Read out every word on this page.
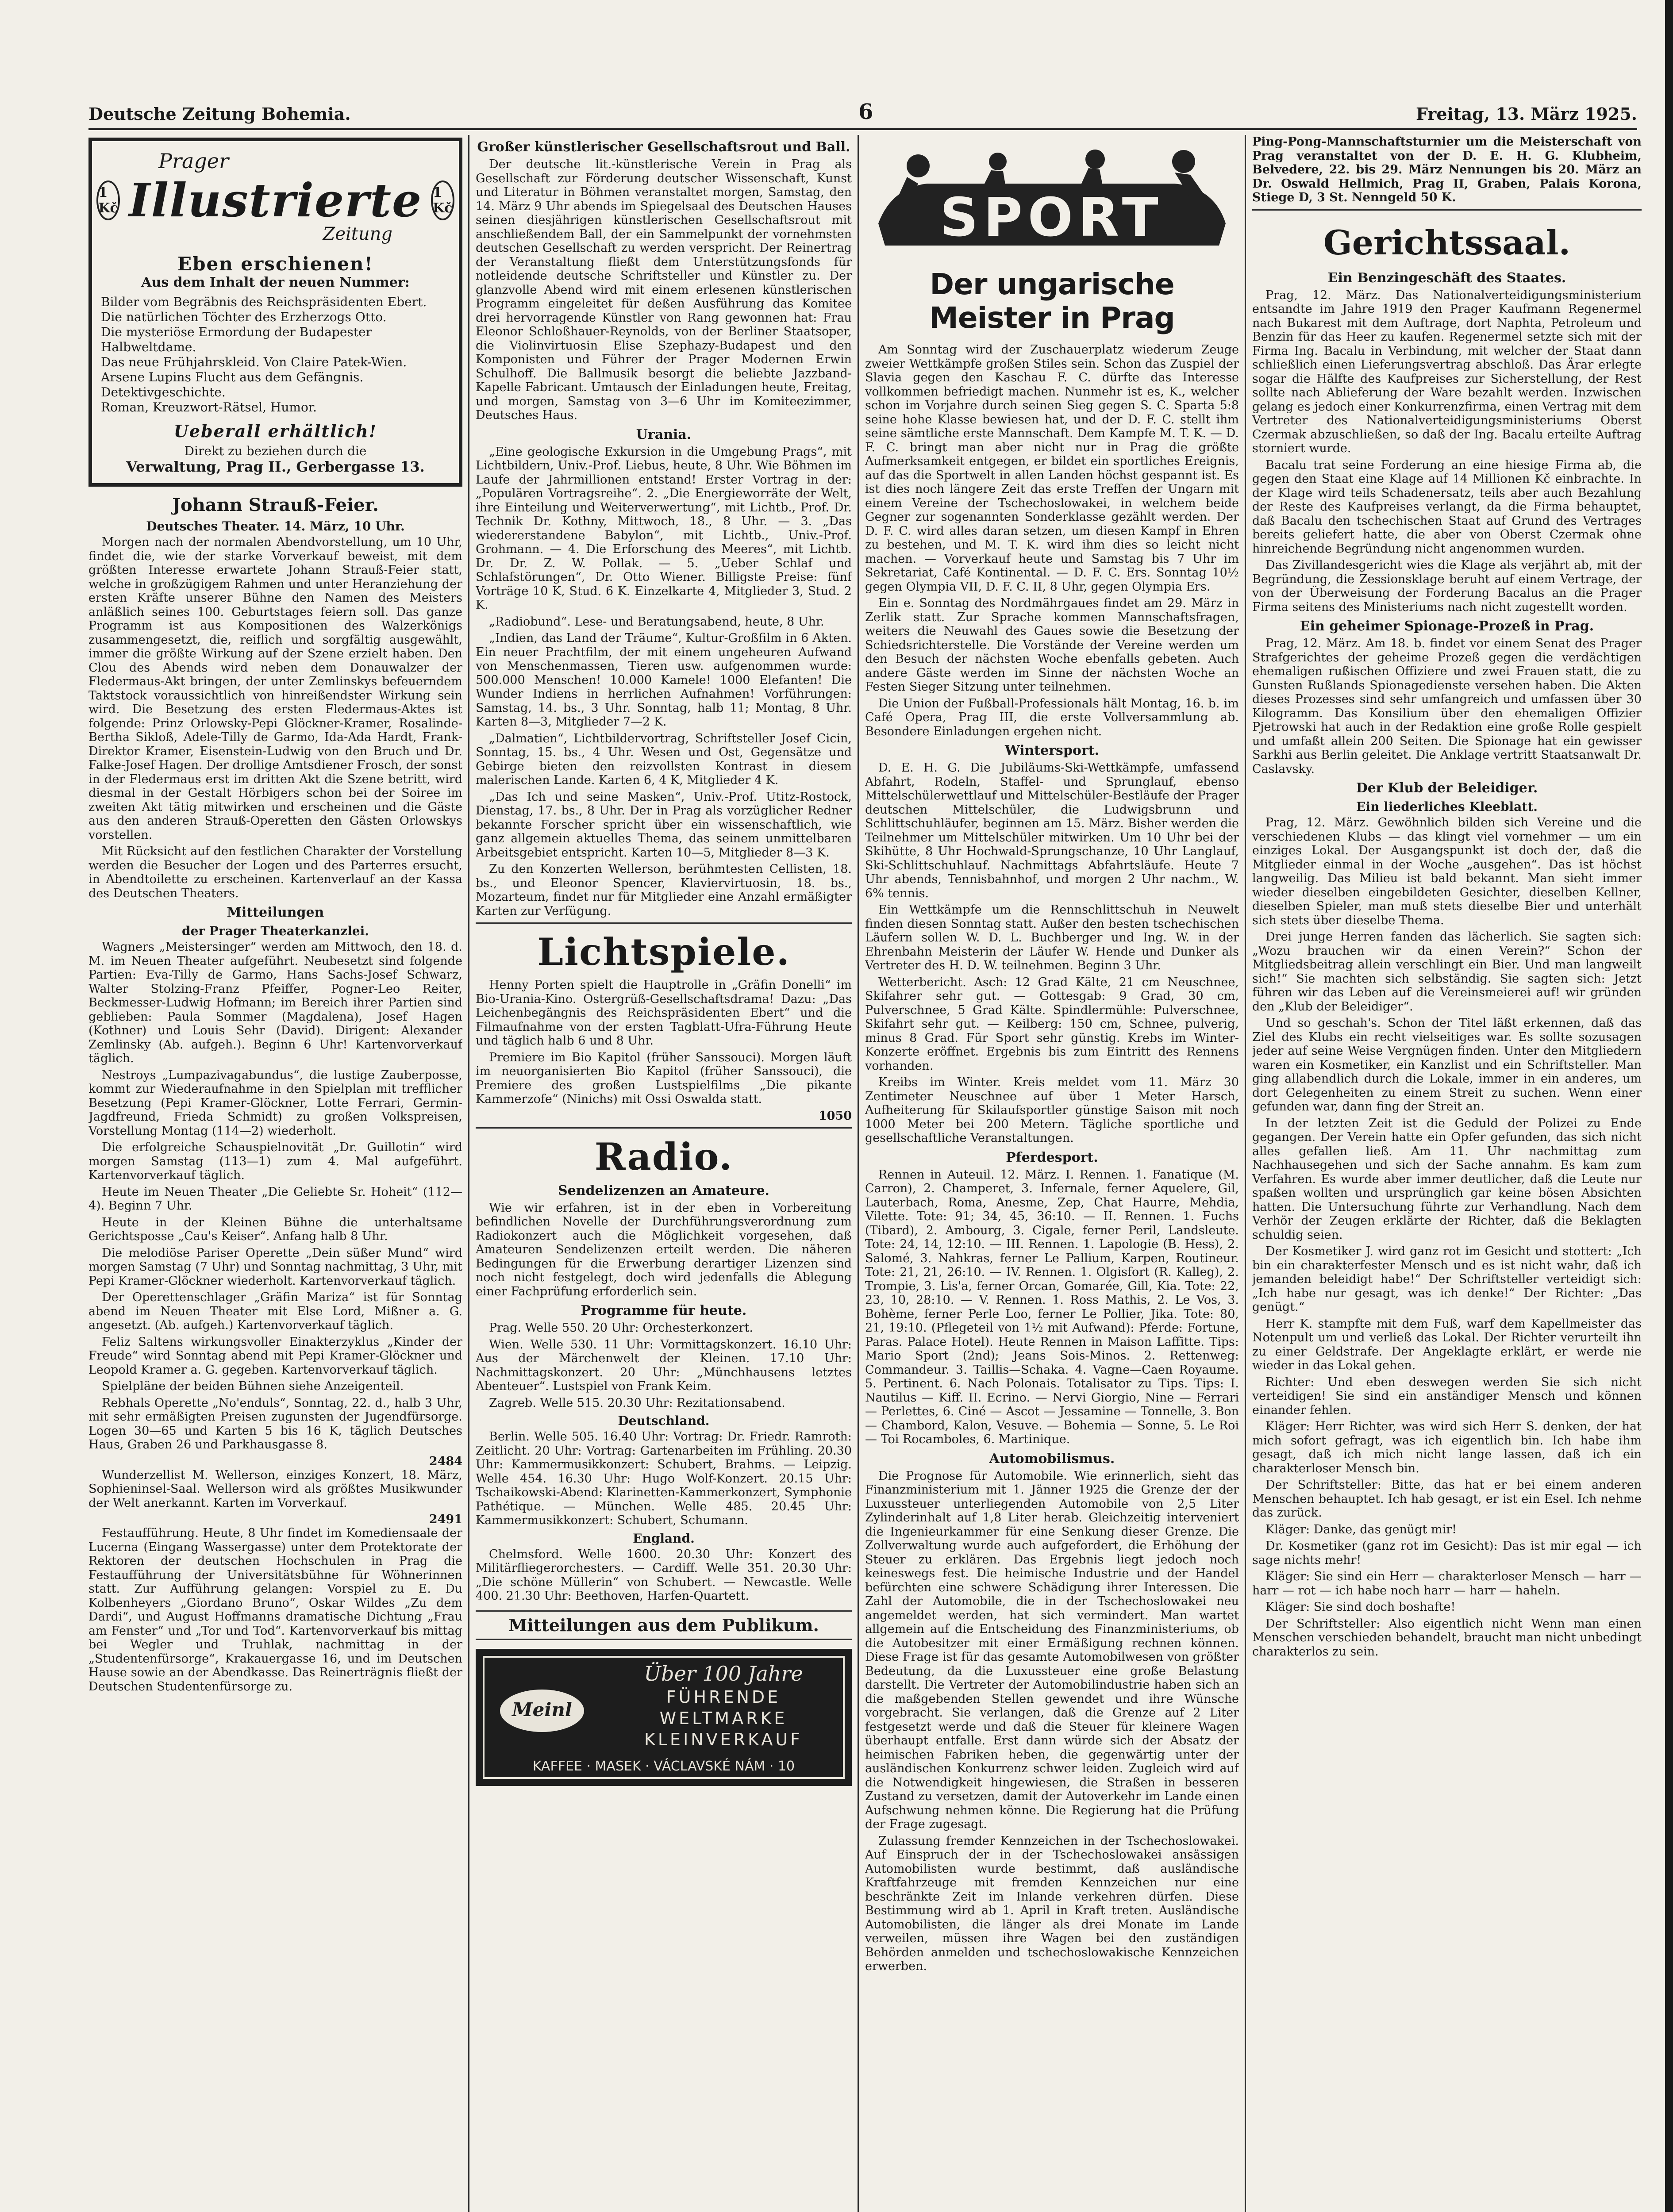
Deutsche Zeitung Bohemia.	6	Freitag, 13. März 1925.
Prager
1 Kč Illustrierte 1 Kč
Zeitung
Eben erschienen!
Aus dem Inhalt der neuen Nummer:
Bilder vom Begräbnis des Reichspräsidenten Ebert.
Die natürlichen Töchter des Erzherzogs Otto.
Die mysteriöse Ermordung der Budapester Halbweltdame.
Das neue Frühjahrskleid. Von Claire Patek-Wien.
Arsene Lupins Flucht aus dem Gefängnis. Detektivgeschichte.
Roman, Kreuzwort-Rätsel, Humor.
Ueberall erhältlich!
Direkt zu beziehen durch die
Verwaltung, Prag II., Gerbergasse 13.
Johann Strauß-Feier.
Deutsches Theater. 14. März, 10 Uhr.

Morgen nach der normalen Abendvorstellung, um 10 Uhr, findet die, wie der starke Vorverkauf beweist, mit dem größten Interesse erwartete Johann Strauß-Feier statt, welche in großzügigem Rahmen und unter Heranziehung der ersten Kräfte unserer Bühne den Namen des Meisters anläßlich seines 100. Geburtstages feiern soll. Das ganze Programm ist aus Kompositionen des Walzerkönigs zusammengesetzt, die, reiflich und sorgfältig ausgewählt, immer die größte Wirkung auf der Szene erzielt haben. Den Clou des Abends wird neben dem Donauwalzer der Fledermaus-Akt bringen, der unter Zemlinskys befeuerndem Taktstock voraussichtlich von hinreißendster Wirkung sein wird. Die Besetzung des ersten Fledermaus-Aktes ist folgende: Prinz Orlowsky-Pepi Glöckner-Kramer, Rosalinde-Bertha Sikloß, Adele-Tilly de Garmo, Ida-Ada Hardt, Frank-Direktor Kramer, Eisenstein-Ludwig von den Bruch und Dr. Falke-Josef Hagen. Der drollige Amtsdiener Frosch, der sonst in der Fledermaus erst im dritten Akt die Szene betritt, wird diesmal in der Gestalt Hörbigers schon bei der Soiree im zweiten Akt tätig mitwirken und erscheinen und die Gäste aus den anderen Strauß-Operetten den Gästen Orlowskys vorstellen.

Mit Rücksicht auf den festlichen Charakter der Vorstellung werden die Besucher der Logen und des Parterres ersucht, in Abendtoilette zu erscheinen. Kartenverlauf an der Kassa des Deutschen Theaters.

Mitteilungen
der Prager Theaterkanzlei.

Wagners „Meistersinger“ werden am Mittwoch, den 18. d. M. im Neuen Theater aufgeführt. Neubesetzt sind folgende Partien: Eva-Tilly de Garmo, Hans Sachs-Josef Schwarz, Walter Stolzing-Franz Pfeiffer, Pogner-Leo Reiter, Beckmesser-Ludwig Hofmann; im Bereich ihrer Partien sind geblieben: Paula Sommer (Magdalena), Josef Hagen (Kothner) und Louis Sehr (David). Dirigent: Alexander Zemlinsky (Ab. aufgeh.). Beginn 6 Uhr! Kartenvorverkauf täglich.

Nestroys „Lumpazivagabundus“, die lustige Zauberposse, kommt zur Wiederaufnahme in den Spielplan mit trefflicher Besetzung (Pepi Kramer-Glöckner, Lotte Ferrari, Germin-Jagdfreund, Frieda Schmidt) zu großen Volkspreisen, Vorstellung Montag (114—2) wiederholt.

Die erfolgreiche Schauspielnovität „Dr. Guillotin“ wird morgen Samstag (113—1) zum 4. Mal aufgeführt. Kartenvorverkauf täglich.

Heute im Neuen Theater „Die Geliebte Sr. Hoheit“ (112—4). Beginn 7 Uhr.

Heute in der Kleinen Bühne die unterhaltsame Gerichtsposse „Cau's Keiser“. Anfang halb 8 Uhr.

Die melodiöse Pariser Operette „Dein süßer Mund“ wird morgen Samstag (7 Uhr) und Sonntag nachmittag, 3 Uhr, mit Pepi Kramer-Glöckner wiederholt. Kartenvorverkauf täglich.

Der Operettenschlager „Gräfin Mariza“ ist für Sonntag abend im Neuen Theater mit Else Lord, Mißner a. G. angesetzt. (Ab. aufgeh.) Kartenvorverkauf täglich.

Feliz Saltens wirkungsvoller Einakterzyklus „Kinder der Freude“ wird Sonntag abend mit Pepi Kramer-Glöckner und Leopold Kramer a. G. gegeben. Kartenvorverkauf täglich.

Spielpläne der beiden Bühnen siehe Anzeigenteil.

Rebhals Operette „No'enduls“, Sonntag, 22. d., halb 3 Uhr, mit sehr ermäßigten Preisen zugunsten der Jugendfürsorge. Logen 30—65 und Karten 5 bis 16 K, täglich Deutsches Haus, Graben 26 und Parkhausgasse 8.

2484

Wunderzellist M. Wellerson, einziges Konzert, 18. März, Sophieninsel-Saal. Wellerson wird als größtes Musikwunder der Welt anerkannt. Karten im Vorverkauf.

2491

Festaufführung. Heute, 8 Uhr findet im Komediensaale der Lucerna (Eingang Wassergasse) unter dem Protektorate der Rektoren der deutschen Hochschulen in Prag die Festaufführung der Universitätsbühne für Wöhnerinnen statt. Zur Aufführung gelangen: Vorspiel zu E. Du Kolbenheyers „Giordano Bruno“, Oskar Wildes „Zu dem Dardi“, und August Hoffmanns dramatische Dichtung „Frau am Fenster“ und „Tor und Tod“. Kartenvorverkauf bis mittag bei Wegler und Truhlak, nachmittag in der „Studentenfürsorge“, Krakauergasse 16, und im Deutschen Hause sowie an der Abendkasse. Das Reinerträgnis fließt der Deutschen Studentenfürsorge zu.

Großer künstlerischer Gesellschaftsrout und Ball.

Der deutsche lit.-künstlerische Verein in Prag als Gesellschaft zur Förderung deutscher Wissenschaft, Kunst und Literatur in Böhmen veranstaltet morgen, Samstag, den 14. März 9 Uhr abends im Spiegelsaal des Deutschen Hauses seinen diesjährigen künstlerischen Gesellschaftsrout mit anschließendem Ball, der ein Sammelpunkt der vornehmsten deutschen Gesellschaft zu werden verspricht. Der Reinertrag der Veranstaltung fließt dem Unterstützungsfonds für notleidende deutsche Schriftsteller und Künstler zu. Der glanzvolle Abend wird mit einem erlesenen künstlerischen Programm eingeleitet für deßen Ausführung das Komitee drei hervorragende Künstler von Rang gewonnen hat: Frau Eleonor Schloßhauer-Reynolds, von der Berliner Staatsoper, die Violinvirtuosin Elise Szephazy-Budapest und den Komponisten und Führer der Prager Modernen Erwin Schulhoff. Die Ballmusik besorgt die beliebte Jazzband-Kapelle Fabricant. Umtausch der Einladungen heute, Freitag, und morgen, Samstag von 3—6 Uhr im Komiteezimmer, Deutsches Haus.

Urania.

„Eine geologische Exkursion in die Umgebung Prags“, mit Lichtbildern, Univ.-Prof. Liebus, heute, 8 Uhr. Wie Böhmen im Laufe der Jahrmillionen entstand! Erster Vortrag in der: „Populären Vortragsreihe“. 2. „Die Energieworräte der Welt, ihre Einteilung und Weiterverwertung“, mit Lichtb., Prof. Dr. Technik Dr. Kothny, Mittwoch, 18., 8 Uhr. — 3. „Das wiedererstandene Babylon“, mit Lichtb., Univ.-Prof. Grohmann. — 4. Die Erforschung des Meeres“, mit Lichtb. Dr. Dr. Z. W. Pollak. — 5. „Ueber Schlaf und Schlafstörungen“, Dr. Otto Wiener. Billigste Preise: fünf Vorträge 10 K, Stud. 6 K. Einzelkarte 4, Mitglieder 3, Stud. 2 K.

„Radiobund“. Lese- und Beratungsabend, heute, 8 Uhr.

„Indien, das Land der Träume“, Kultur-Großfilm in 6 Akten. Ein neuer Prachtfilm, der mit einem ungeheuren Aufwand von Menschenmassen, Tieren usw. aufgenommen wurde: 500.000 Menschen! 10.000 Kamele! 1000 Elefanten! Die Wunder Indiens in herrlichen Aufnahmen! Vorführungen: Samstag, 14. bs., 3 Uhr. Sonntag, halb 11; Montag, 8 Uhr. Karten 8—3, Mitglieder 7—2 K.

„Dalmatien“, Lichtbildervortrag, Schriftsteller Josef Cicin, Sonntag, 15. bs., 4 Uhr. Wesen und Ost, Gegensätze und Gebirge bieten den reizvollsten Kontrast in diesem malerischen Lande. Karten 6, 4 K, Mitglieder 4 K.

„Das Ich und seine Masken“, Univ.-Prof. Utitz-Rostock, Dienstag, 17. bs., 8 Uhr. Der in Prag als vorzüglicher Redner bekannte Forscher spricht über ein wissenschaftlich, wie ganz allgemein aktuelles Thema, das seinem unmittelbaren Arbeitsgebiet entspricht. Karten 10—5, Mitglieder 8—3 K.

Zu den Konzerten Wellerson, berühmtesten Cellisten, 18. bs., und Eleonor Spencer, Klaviervirtuosin, 18. bs., Mozarteum, findet nur für Mitglieder eine Anzahl ermäßigter Karten zur Verfügung.

Lichtspiele.

Henny Porten spielt die Hauptrolle in „Gräfin Donelli“ im Bio-Urania-Kino. Ostergrüß-Gesellschaftsdrama! Dazu: „Das Leichenbegängnis des Reichspräsidenten Ebert“ und die Filmaufnahme von der ersten Tagblatt-Ufra-Führung Heute und täglich halb 6 und 8 Uhr.

Premiere im Bio Kapitol (früher Sanssouci). Morgen läuft im neuorganisierten Bio Kapitol (früher Sanssouci), die Premiere des großen Lustspielfilms „Die pikante Kammerzofe“ (Ninichs) mit Ossi Oswalda statt.

1050
Radio.
Sendelizenzen an Amateure.

Wie wir erfahren, ist in der eben in Vorbereitung befindlichen Novelle der Durchführungsverordnung zum Radiokonzert auch die Möglichkeit vorgesehen, daß Amateuren Sendelizenzen erteilt werden. Die näheren Bedingungen für die Erwerbung derartiger Lizenzen sind noch nicht festgelegt, doch wird jedenfalls die Ablegung einer Fachprüfung erforderlich sein.

Programme für heute.

Prag. Welle 550. 20 Uhr: Orchesterkonzert.

Wien. Welle 530. 11 Uhr: Vormittagskonzert. 16.10 Uhr: Aus der Märchenwelt der Kleinen. 17.10 Uhr: Nachmittagskonzert. 20 Uhr: „Münchhausens letztes Abenteuer“. Lustspiel von Frank Keim.

Zagreb. Welle 515. 20.30 Uhr: Rezitationsabend.

Deutschland.

Berlin. Welle 505. 16.40 Uhr: Vortrag: Dr. Friedr. Ramroth: Zeitlicht. 20 Uhr: Vortrag: Gartenarbeiten im Frühling. 20.30 Uhr: Kammermusikkonzert: Schubert, Brahms. — Leipzig. Welle 454. 16.30 Uhr: Hugo Wolf-Konzert. 20.15 Uhr: Tschaikowski-Abend: Klarinetten-Kammerkonzert, Symphonie Pathétique. — München. Welle 485. 20.45 Uhr: Kammermusikkonzert: Schubert, Schumann.

England.

Chelmsford. Welle 1600. 20.30 Uhr: Konzert des Militärfliegerorchesters. — Cardiff. Welle 351. 20.30 Uhr: „Die schöne Müllerin“ von Schubert. — Newcastle. Welle 400. 21.30 Uhr: Beethoven, Harfen-Quartett.

Mitteilungen aus dem Publikum.
Meinl
Über 100 Jahre
FÜHRENDE
WELTMARKE
KLEINVERKAUF
KAFFEE · MASEK · VÁCLAVSKÉ NÁM · 10
SPORT
Der ungarische Meister in Prag

Am Sonntag wird der Zuschauerplatz wiederum Zeuge zweier Wettkämpfe großen Stiles sein. Schon das Zuspiel der Slavia gegen den Kaschau F. C. dürfte das Interesse vollkommen befriedigt machen. Nunmehr ist es, K., welcher schon im Vorjahre durch seinen Sieg gegen S. C. Sparta 5:8 seine hohe Klasse bewiesen hat, und der D. F. C. stellt ihm seine sämtliche erste Mannschaft. Dem Kampfe M. T. K. — D. F. C. bringt man aber nicht nur in Prag die größte Aufmerksamkeit entgegen, er bildet ein sportliches Ereignis, auf das die Sportwelt in allen Landen höchst gespannt ist. Es ist dies noch längere Zeit das erste Treffen der Ungarn mit einem Vereine der Tschechoslowakei, in welchem beide Gegner zur sogenannten Sonderklasse gezählt werden. Der D. F. C. wird alles daran setzen, um diesen Kampf in Ehren zu bestehen, und M. T. K. wird ihm dies so leicht nicht machen. — Vorverkauf heute und Samstag bis 7 Uhr im Sekretariat, Café Kontinental. — D. F. C. Ers. Sonntag 10½ gegen Olympia VII, D. F. C. II, 8 Uhr, gegen Olympia Ers.

Ein e. Sonntag des Nordmährgaues findet am 29. März in Zerlik statt. Zur Sprache kommen Mannschaftsfragen, weiters die Neuwahl des Gaues sowie die Besetzung der Schiedsrichterstelle. Die Vorstände der Vereine werden um den Besuch der nächsten Woche ebenfalls gebeten. Auch andere Gäste werden im Sinne der nächsten Woche an Festen Sieger Sitzung unter teilnehmen.

Die Union der Fußball-Professionals hält Montag, 16. b. im Café Opera, Prag III, die erste Vollversammlung ab. Besondere Einladungen ergehen nicht.

Wintersport.

D. E. H. G. Die Jubiläums-Ski-Wettkämpfe, umfassend Abfahrt, Rodeln, Staffel- und Sprunglauf, ebenso Mittelschülerwettlauf und Mittelschüler-Bestläufe der Prager deutschen Mittelschüler, die Ludwigsbrunn und Schlittschuhläufer, beginnen am 15. März. Bisher werden die Teilnehmer um Mittelschüler mitwirken. Um 10 Uhr bei der Skihütte, 8 Uhr Hochwald-Sprungschanze, 10 Uhr Langlauf, Ski-Schlittschuhlauf. Nachmittags Abfahrtsläufe. Heute 7 Uhr abends, Tennisbahnhof, und morgen 2 Uhr nachm., W. 6% tennis.

Ein Wettkämpfe um die Rennschlittschuh in Neuwelt finden diesen Sonntag statt. Außer den besten tschechischen Läufern sollen W. D. L. Buchberger und Ing. W. in der Ehrenbahn Meisterin der Läufer W. Hende und Dunker als Vertreter des H. D. W. teilnehmen. Beginn 3 Uhr.

Wetterbericht. Asch: 12 Grad Kälte, 21 cm Neuschnee, Skifahrer sehr gut. — Gottesgab: 9 Grad, 30 cm, Pulverschnee, 5 Grad Kälte. Spindlermühle: Pulverschnee, Skifahrt sehr gut. — Keilberg: 150 cm, Schnee, pulverig, minus 8 Grad. Für Sport sehr günstig. Krebs im Winter-Konzerte eröffnet. Ergebnis bis zum Eintritt des Rennens vorhanden.

Kreibs im Winter. Kreis meldet vom 11. März 30 Zentimeter Neuschnee auf über 1 Meter Harsch, Aufheiterung für Skilaufsportler günstige Saison mit noch 1000 Meter bei 200 Metern. Tägliche sportliche und gesellschaftliche Veranstaltungen.

Pferdesport.

Rennen in Auteuil. 12. März. I. Rennen. 1. Fanatique (M. Carron), 2. Champeret, 3. Infernale, ferner Aquelere, Gil, Lauterbach, Roma, Anesme, Zep, Chat Haurre, Mehdia, Vilette. Tote: 91; 34, 45, 36:10. — II. Rennen. 1. Fuchs (Tibard), 2. Ambourg, 3. Cigale, ferner Peril, Landsleute. Tote: 24, 14, 12:10. — III. Rennen. 1. Lapologie (B. Hess), 2. Salomé, 3. Nahkras, ferner Le Pallium, Karpen, Routineur. Tote: 21, 21, 26:10. — IV. Rennen. 1. Olgisfort (R. Kalleg), 2. Trompie, 3. Lis'a, ferner Orcan, Gomarée, Gill, Kia. Tote: 22, 23, 10, 28:10. — V. Rennen. 1. Ross Mathis, 2. Le Vos, 3. Bohème, ferner Perle Loo, ferner Le Pollier, Jika. Tote: 80, 21, 19:10. (Pflegeteil von 1½ mit Aufwand): Pferde: Fortune, Paras. Palace Hotel). Heute Rennen in Maison Laffitte. Tips: Mario Sport (2nd); Jeans Sois-Minos. 2. Rettenweg: Commandeur. 3. Taillis—Schaka. 4. Vagne—Caen Royaume. 5. Pertinent. 6. Nach Polonais. Totalisator zu Tips. Tips: I. Nautilus — Kiff. II. Ecrino. — Nervi Giorgio, Nine — Ferrari — Perlettes, 6. Ciné — Ascot — Jessamine — Tonnelle, 3. Bon— Chambord, Kalon, Vesuve. — Bohemia — Sonne, 5. Le Roi — Toi Rocamboles, 6. Martinique.

Automobilismus.

Die Prognose für Automobile. Wie erinnerlich, sieht das Finanzministerium mit 1. Jänner 1925 die Grenze der der Luxussteuer unterliegenden Automobile von 2,5 Liter Zylinderinhalt auf 1,8 Liter herab. Gleichzeitig interveniert die Ingenieurkammer für eine Senkung dieser Grenze. Die Zollverwaltung wurde auch aufgefordert, die Erhöhung der Steuer zu erklären. Das Ergebnis liegt jedoch noch keineswegs fest. Die heimische Industrie und der Handel befürchten eine schwere Schädigung ihrer Interessen. Die Zahl der Automobile, die in der Tschechoslowakei neu angemeldet werden, hat sich vermindert. Man wartet allgemein auf die Entscheidung des Finanzministeriums, ob die Autobesitzer mit einer Ermäßigung rechnen können. Diese Frage ist für das gesamte Automobilwesen von größter Bedeutung, da die Luxussteuer eine große Belastung darstellt. Die Vertreter der Automobilindustrie haben sich an die maßgebenden Stellen gewendet und ihre Wünsche vorgebracht. Sie verlangen, daß die Grenze auf 2 Liter festgesetzt werde und daß die Steuer für kleinere Wagen überhaupt entfalle. Erst dann würde sich der Absatz der heimischen Fabriken heben, die gegenwärtig unter der ausländischen Konkurrenz schwer leiden. Zugleich wird auf die Notwendigkeit hingewiesen, die Straßen in besseren Zustand zu versetzen, damit der Autoverkehr im Lande einen Aufschwung nehmen könne. Die Regierung hat die Prüfung der Frage zugesagt.

Zulassung fremder Kennzeichen in der Tschechoslowakei. Auf Einspruch der in der Tschechoslowakei ansässigen Automobilisten wurde bestimmt, daß ausländische Kraftfahrzeuge mit fremden Kennzeichen nur eine beschränkte Zeit im Inlande verkehren dürfen. Diese Bestimmung wird ab 1. April in Kraft treten. Ausländische Automobilisten, die länger als drei Monate im Lande verweilen, müssen ihre Wagen bei den zuständigen Behörden anmelden und tschechoslowakische Kennzeichen erwerben.

Ping-Pong-Mannschaftsturnier um die Meisterschaft von Prag veranstaltet von der D. E. H. G. Klubheim, Belvedere, 22. bis 29. März Nennungen bis 20. März an Dr. Oswald Hellmich, Prag II, Graben, Palais Korona, Stiege D, 3 St. Nenngeld 50 K.

Gerichtssaal.
Ein Benzingeschäft des Staates.

Prag, 12. März. Das Nationalverteidigungsministerium entsandte im Jahre 1919 den Prager Kaufmann Regenermel nach Bukarest mit dem Auftrage, dort Naphta, Petroleum und Benzin für das Heer zu kaufen. Regenermel setzte sich mit der Firma Ing. Bacalu in Verbindung, mit welcher der Staat dann schließlich einen Lieferungsvertrag abschloß. Das Ärar erlegte sogar die Hälfte des Kaufpreises zur Sicherstellung, der Rest sollte nach Ablieferung der Ware bezahlt werden. Inzwischen gelang es jedoch einer Konkurrenzfirma, einen Vertrag mit dem Vertreter des Nationalverteidigungsministeriums Oberst Czermak abzuschließen, so daß der Ing. Bacalu erteilte Auftrag storniert wurde.

Bacalu trat seine Forderung an eine hiesige Firma ab, die gegen den Staat eine Klage auf 14 Millionen Kč einbrachte. In der Klage wird teils Schadenersatz, teils aber auch Bezahlung der Reste des Kaufpreises verlangt, da die Firma behauptet, daß Bacalu den tschechischen Staat auf Grund des Vertrages bereits geliefert hatte, die aber von Oberst Czermak ohne hinreichende Begründung nicht angenommen wurden.

Das Zivillandesgericht wies die Klage als verjährt ab, mit der Begründung, die Zessionsklage beruht auf einem Vertrage, der von der Überweisung der Forderung Bacalus an die Prager Firma seitens des Ministeriums nach nicht zugestellt worden.

Ein geheimer Spionage-Prozeß in Prag.

Prag, 12. März. Am 18. b. findet vor einem Senat des Prager Strafgerichtes der geheime Prozeß gegen die verdächtigen ehemaligen rußischen Offiziere und zwei Frauen statt, die zu Gunsten Rußlands Spionagedienste versehen haben. Die Akten dieses Prozesses sind sehr umfangreich und umfassen über 30 Kilogramm. Das Konsilium über den ehemaligen Offizier Pjetrowski hat auch in der Redaktion eine große Rolle gespielt und umfaßt allein 200 Seiten. Die Spionage hat ein gewisser Sarkhi aus Berlin geleitet. Die Anklage vertritt Staatsanwalt Dr. Caslavsky.

Der Klub der Beleidiger.
Ein liederliches Kleeblatt.

Prag, 12. März. Gewöhnlich bilden sich Vereine und die verschiedenen Klubs — das klingt viel vornehmer — um ein einziges Lokal. Der Ausgangspunkt ist doch der, daß die Mitglieder einmal in der Woche „ausgehen“. Das ist höchst langweilig. Das Milieu ist bald bekannt. Man sieht immer wieder dieselben eingebildeten Gesichter, dieselben Kellner, dieselben Spieler, man muß stets dieselbe Bier und unterhält sich stets über dieselbe Thema.

Drei junge Herren fanden das lächerlich. Sie sagten sich: „Wozu brauchen wir da einen Verein?“ Schon der Mitgliedsbeitrag allein verschlingt ein Bier. Und man langweilt sich!“ Sie machten sich selbständig. Sie sagten sich: Jetzt führen wir das Leben auf die Vereinsmeierei auf! wir gründen den „Klub der Beleidiger“.

Und so geschah's. Schon der Titel läßt erkennen, daß das Ziel des Klubs ein recht vielseitiges war. Es sollte sozusagen jeder auf seine Weise Vergnügen finden. Unter den Mitgliedern waren ein Kosmetiker, ein Kanzlist und ein Schriftsteller. Man ging allabendlich durch die Lokale, immer in ein anderes, um dort Gelegenheiten zu einem Streit zu suchen. Wenn einer gefunden war, dann fing der Streit an.

In der letzten Zeit ist die Geduld der Polizei zu Ende gegangen. Der Verein hatte ein Opfer gefunden, das sich nicht alles gefallen ließ. Am 11. Uhr nachmittag zum Nachhausegehen und sich der Sache annahm. Es kam zum Verfahren. Es wurde aber immer deutlicher, daß die Leute nur spaßen wollten und ursprünglich gar keine bösen Absichten hatten. Die Untersuchung führte zur Verhandlung. Nach dem Verhör der Zeugen erklärte der Richter, daß die Beklagten schuldig seien.

Der Kosmetiker J. wird ganz rot im Gesicht und stottert: „Ich bin ein charakterfester Mensch und es ist nicht wahr, daß ich jemanden beleidigt habe!“ Der Schriftsteller verteidigt sich: „Ich habe nur gesagt, was ich denke!“ Der Richter: „Das genügt.“

Herr K. stampfte mit dem Fuß, warf dem Kapellmeister das Notenpult um und verließ das Lokal. Der Richter verurteilt ihn zu einer Geldstrafe. Der Angeklagte erklärt, er werde nie wieder in das Lokal gehen.

Richter: Und eben deswegen werden Sie sich nicht verteidigen! Sie sind ein anständiger Mensch und können einander fehlen.

Kläger: Herr Richter, was wird sich Herr S. denken, der hat mich sofort gefragt, was ich eigentlich bin. Ich habe ihm gesagt, daß ich mich nicht lange lassen, daß ich ein charakterloser Mensch bin.

Der Schriftsteller: Bitte, das hat er bei einem anderen Menschen behauptet. Ich hab gesagt, er ist ein Esel. Ich nehme das zurück.

Kläger: Danke, das genügt mir!

Dr. Kosmetiker (ganz rot im Gesicht): Das ist mir egal — ich sage nichts mehr!

Kläger: Sie sind ein Herr — charakterloser Mensch — harr — harr — rot — ich habe noch harr — harr — haheln.

Kläger: Sie sind doch boshafte!

Der Schriftsteller: Also eigentlich nicht Wenn man einen Menschen verschieden behandelt, braucht man nicht unbedingt charakterlos zu sein.
